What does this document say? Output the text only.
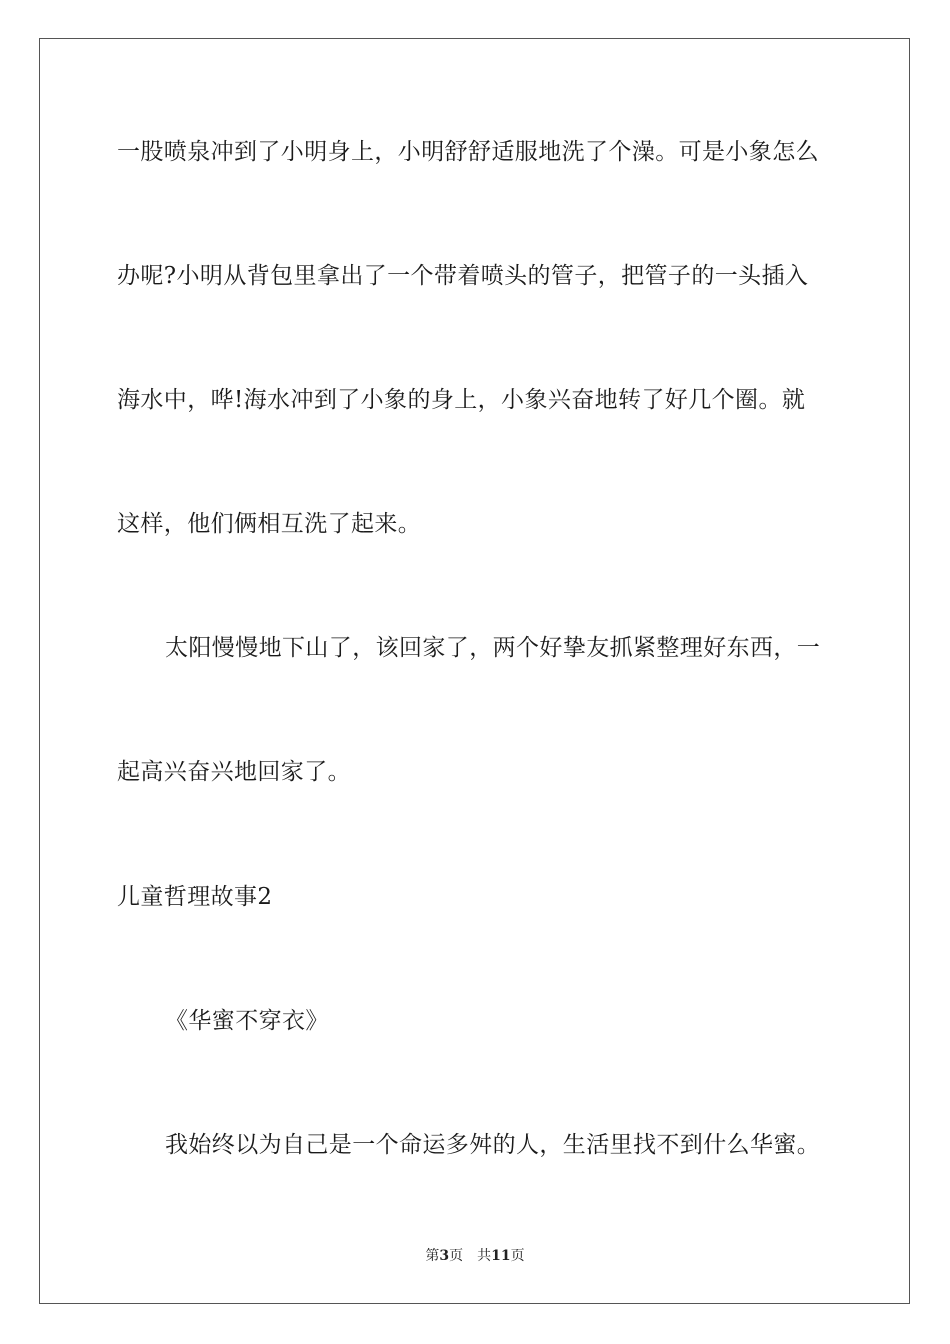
一股喷泉冲到了小明身上，小明舒舒适服地洗了个澡。可是小象怎么
办呢?小明从背包里拿出了一个带着喷头的管子，把管子的一头插入
海水中，哗!海水冲到了小象的身上，小象兴奋地转了好几个圈。就
这样，他们俩相互洗了起来。
太阳慢慢地下山了，该回家了，两个好挚友抓紧整理好东西，一
起高兴奋兴地回家了。
儿童哲理故事2
《华蜜不穿衣》
我始终以为自己是一个命运多舛的人，生活里找不到什么华蜜。
第3页 共11页
